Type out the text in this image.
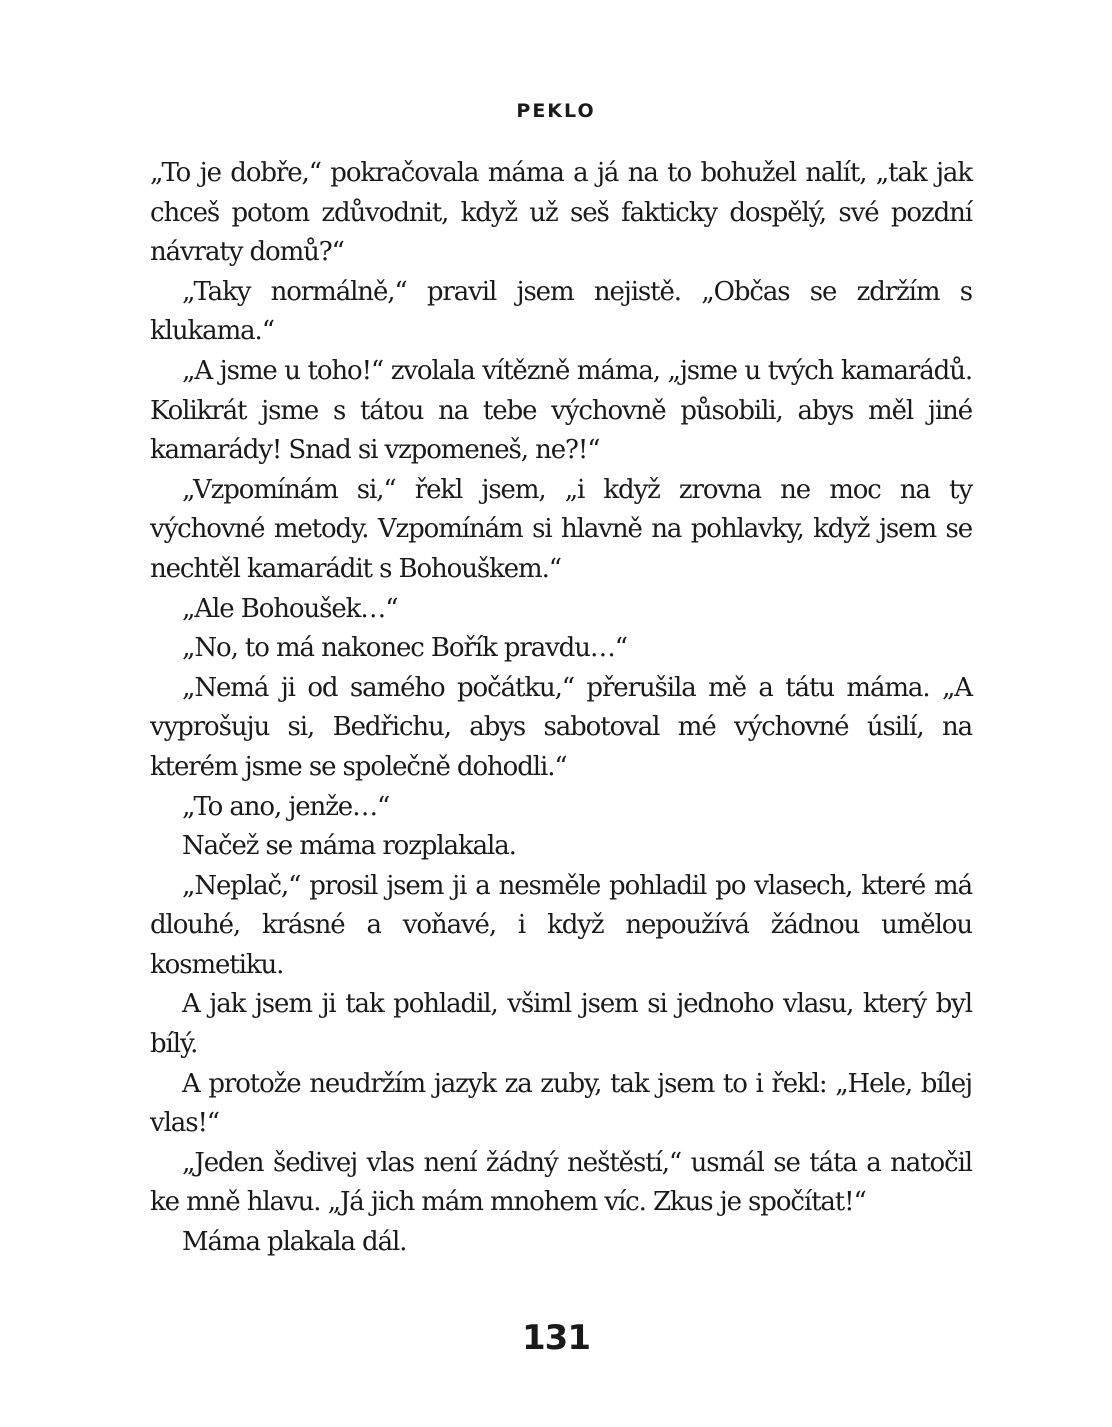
PEKLO

„To je dobře,“ pokračovala máma a já na to bohužel nalít, „tak jak chceš potom zdůvodnit, když už seš fakticky dospělý, své pozdní návraty domů?“

„Taky normálně,“ pravil jsem nejistě. „Občas se zdržím s klukama.“

„A jsme u toho!“ zvolala vítězně máma, „jsme u tvých kamarádů. Kolikrát jsme s tátou na tebe výchovně působili, abys měl jiné kamarády! Snad si vzpomeneš, ne?!“

„Vzpomínám si,“ řekl jsem, „i když zrovna ne moc na ty výchovné metody. Vzpomínám si hlavně na pohlavky, když jsem se nechtěl kamarádit s Bohouškem.“

„Ale Bohoušek…“

„No, to má nakonec Bořík pravdu…“

„Nemá ji od samého počátku,“ přerušila mě a tátu máma. „A vyprošuju si, Bedřichu, abys sabotoval mé výchovné úsilí, na kterém jsme se společně dohodli.“

„To ano, jenže…“

Načež se máma rozplakala.

„Neplač,“ prosil jsem ji a nesměle pohladil po vlasech, které má dlouhé, krásné a voňavé, i když nepoužívá žádnou umělou kosmetiku.

A jak jsem ji tak pohladil, všiml jsem si jednoho vlasu, který byl bílý.

A protože neudržím jazyk za zuby, tak jsem to i řekl: „Hele, bílej vlas!“

„Jeden šedivej vlas není žádný neštěstí,“ usmál se táta a natočil ke mně hlavu. „Já jich mám mnohem víc. Zkus je spočítat!“

Máma plakala dál.

131
